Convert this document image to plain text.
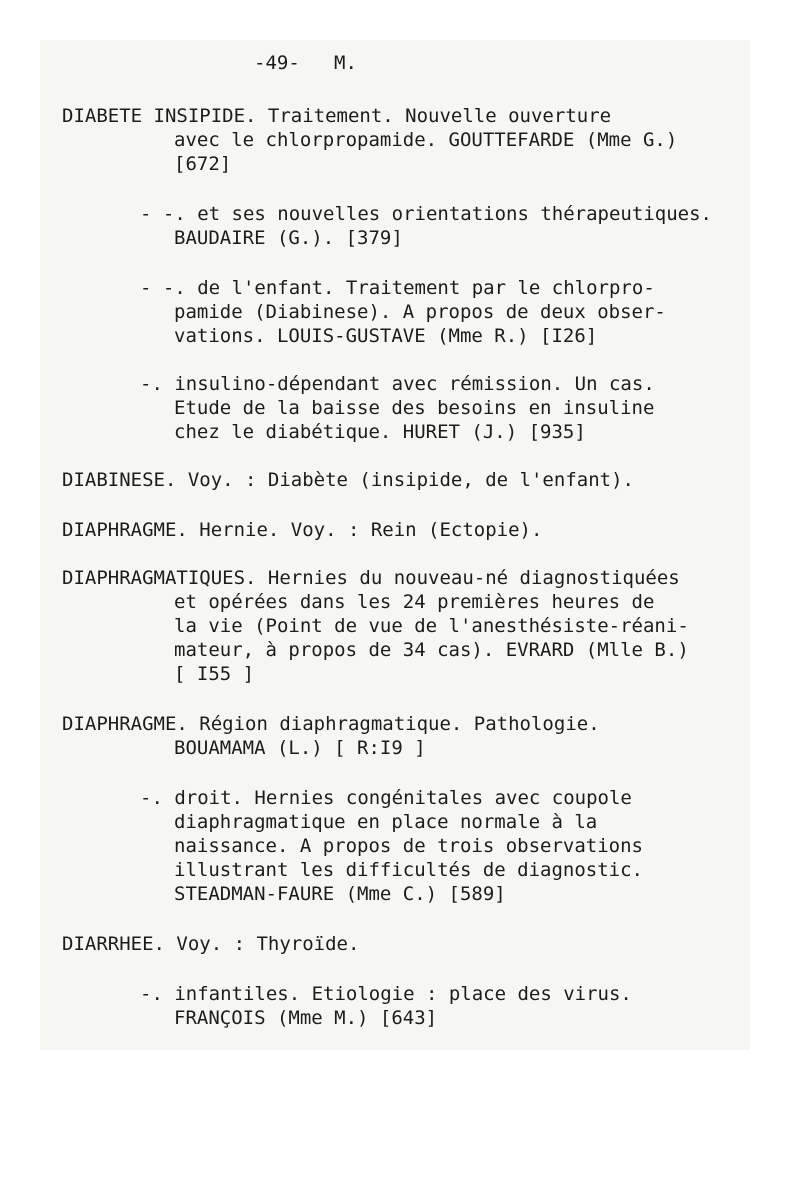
-49- M.
DIABETE INSIPIDE. Traitement. Nouvelle ouverture
avec le chlorpropamide. GOUTTEFARDE (Mme G.)
[672]
- -. et ses nouvelles orientations thérapeutiques.
BAUDAIRE (G.). [379]
- -. de l'enfant. Traitement par le chlorpro-
pamide (Diabinese). A propos de deux obser-
vations. LOUIS-GUSTAVE (Mme R.) [I26]
-. insulino-dépendant avec rémission. Un cas.
Etude de la baisse des besoins en insuline
chez le diabétique. HURET (J.) [935]
DIABINESE. Voy. : Diabète (insipide, de l'enfant).
DIAPHRAGME. Hernie. Voy. : Rein (Ectopie).
DIAPHRAGMATIQUES. Hernies du nouveau-né diagnostiquées
et opérées dans les 24 premières heures de
la vie (Point de vue de l'anesthésiste-réani-
mateur, à propos de 34 cas). EVRARD (Mlle B.)
[ I55 ]
DIAPHRAGME. Région diaphragmatique. Pathologie.
BOUAMAMA (L.) [ R:I9 ]
-. droit. Hernies congénitales avec coupole
diaphragmatique en place normale à la
naissance. A propos de trois observations
illustrant les difficultés de diagnostic.
STEADMAN-FAURE (Mme C.) [589]
DIARRHEE. Voy. : Thyroïde.
-. infantiles. Etiologie : place des virus.
FRANÇOIS (Mme M.) [643]
